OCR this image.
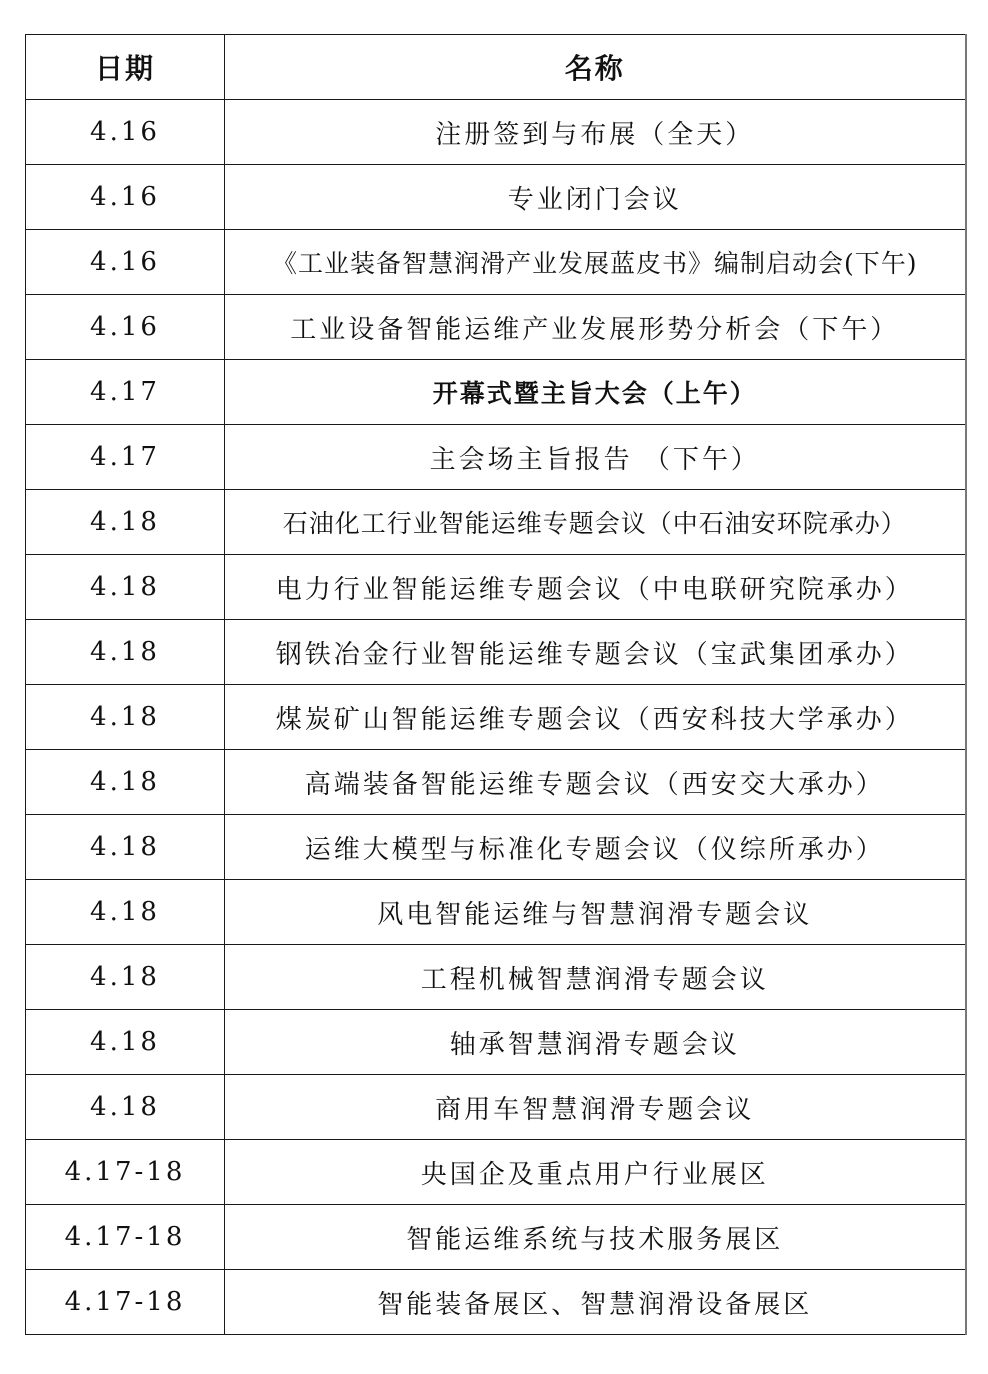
日期	名称
4.16	注册签到与布展（全天）
4.16	专业闭门会议
4.16	《工业装备智慧润滑产业发展蓝皮书》编制启动会(下午)
4.16	工业设备智能运维产业发展形势分析会（下午）
4.17	开幕式暨主旨大会（上午）
4.17	主会场主旨报告 （下午）
4.18	石油化工行业智能运维专题会议（中石油安环院承办）
4.18	电力行业智能运维专题会议（中电联研究院承办）
4.18	钢铁冶金行业智能运维专题会议（宝武集团承办）
4.18	煤炭矿山智能运维专题会议（西安科技大学承办）
4.18	高端装备智能运维专题会议（西安交大承办）
4.18	运维大模型与标准化专题会议（仪综所承办）
4.18	风电智能运维与智慧润滑专题会议
4.18	工程机械智慧润滑专题会议
4.18	轴承智慧润滑专题会议
4.18	商用车智慧润滑专题会议
4.17-18	央国企及重点用户行业展区
4.17-18	智能运维系统与技术服务展区
4.17-18	智能装备展区、智慧润滑设备展区
